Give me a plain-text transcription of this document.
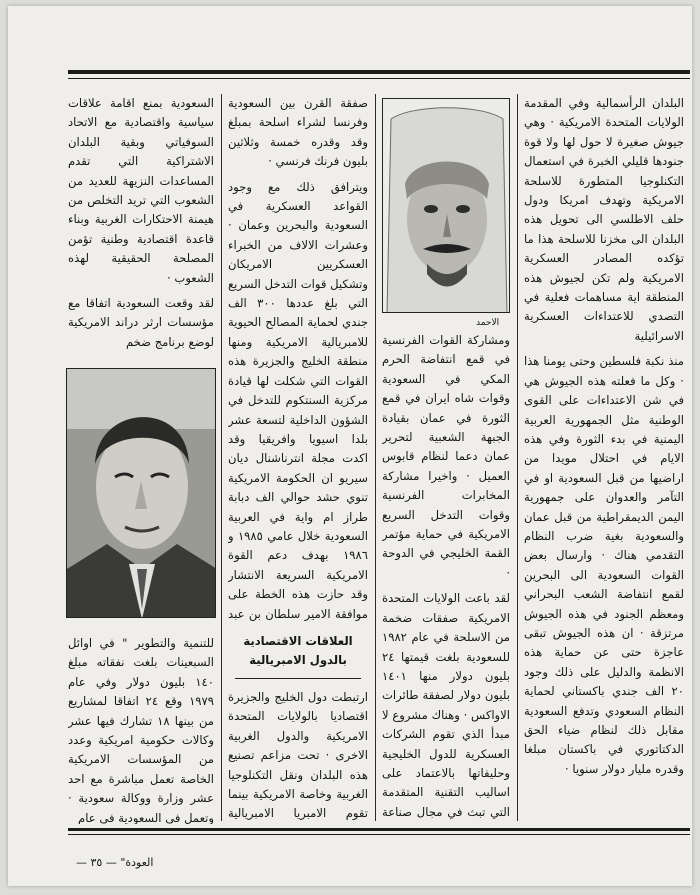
البلدان الرأسمالية وفي المقدمة الولايات المتحدة الامريكية · وهي جيوش صغيرة لا حول لها ولا قوة جنودها قليلي الخبرة في استعمال التكنلوجيا المتطورة للاسلحة الامريكية وتهدف امريكا ودول حلف الاطلسي الى تحويل هذه البلدان الى مخزنا للاسلحة هذا ما تؤكده المصادر العسكرية الامريكية ولم تكن لجيوش هذه المنطقة اية مساهمات فعلية في التصدي للاعتداءات العسكرية الاسرائيلية

منذ نكبة فلسطين وحتى يومنا هذا · وكل ما فعلته هذه الجيوش هي في شن الاعتداءات على القوى الوطنية مثل الجمهورية العربية اليمنية في بدء الثورة وفي هذه الايام في احتلال مويدا من اراضيها من قبل السعودية او في التآمر والعدوان على جمهورية اليمن الديمقراطية من قبل عمان والسعودية بغية ضرب النظام التقدمي هناك · وارسال بعض القوات السعودية الى البحرين لقمع انتفاضة الشعب البحراني ومعظم الجنود في هذه الجيوش مرتزقة · ان هذه الجيوش تبقى عاجزة حتى عن حماية هذه الانظمة والدليل على ذلك وجود ٢٠ الف جندي باكستاني لحماية النظام السعودي وتدفع السعودية مقابل ذلك لنظام ضياء الحق الدكتاتوري في باكستان مبلغا وقدره مليار دولار سنويا ·

الاحمد

ومشاركة القوات الفرنسية في قمع انتفاضة الحرم المكي في السعودية وقوات شاه ايران في قمع الثورة في عمان بقيادة الجبهة الشعبية لتحرير عمان دعما لنظام قابوس العميل · واخيرا مشاركة المخابرات الفرنسية وقوات التدخل السريع الامريكية في حماية مؤتمر القمة الخليجي في الدوحة ·

لقد باعت الولايات المتحدة الامريكية صفقات ضخمة من الاسلحة في عام ١٩٨٢ للسعودية بلغت قيمتها ٢٤ بليون دولار منها ١٤٠١ بليون دولار لصفقة طائرات الاواكس · وهناك مشروع لا مبدأ الذي تقوم الشركات العسكرية للدول الخليجية وحليفاتها بالاعتماد على اساليب التقنية المتقدمة التي تبث في مجال صناعة

صفقة القرن بين السعودية وفرنسا لشراء اسلحة بمبلغ وقد وقدره خمسة وثلاثين بليون فرنك فرنسي ·

ويترافق ذلك مع وجود القواعد العسكرية في السعودية والبحرين وعمان · وعشرات الالاف من الخبراء العسكريين الامريكان وتشكيل قوات التدخل السريع التي بلغ عددها ٣٠٠ الف جندي لحماية المصالح الحيوية للامبريالية الامريكية ومنها منطقة الخليج والجزيرة هذه القوات التي شكلت لها قيادة مركزية السنتكوم للتدخل في الشؤون الداخلية لتسعة عشر بلدا اسيويا وافريقيا وقد اكدت مجلة انترناشنال ديان سيريو ان الحكومة الامريكية تنوي حشد حوالي الف دبابة طراز ام واية في العربية السعودية خلال عامي ١٩٨٥ و ١٩٨٦ بهدف دعم القوة الامريكية السريعة الانتشار وقد حازت هذه الخطة على موافقة الامير سلطان بن عبد

العلاقات الاقتصادية بالدول الامبريالية

ارتبطت دول الخليج والجزيرة اقتصاديا بالولايات المتحدة الامريكية والدول الغربية الاخرى · تحت مزاعم تصنيع هذه البلدان ونقل التكنلوجيا الغربية وخاصة الامريكية بينما تقوم الامبريا الامبريالية

السعودية بمنع اقامة علاقات سياسية واقتصادية مع الاتحاد السوفياتي وبقية البلدان الاشتراكية التي تقدم المساعدات النزيهة للعديد من الشعوب التي تريد التخلص من هيمنة الاحتكارات الغربية وبناء قاعدة اقتصادية وطنية تؤمن المصلحة الحقيقية لهذه الشعوب ·

لقد وقعت السعودية اتفاقا مع مؤسسات ارثر دراند الامريكية لوضع برنامج ضخم

للتنمية والتطوير " في اوائل السبعينات بلغت نفقاته مبلغ ١٤٠ بليون دولار وفي عام ١٩٧٩ وقع ٢٤ اتفاقا لمشاريع من بينها ١٨ تشارك فيها عشر وكالات حكومية امريكية وعدد من المؤسسات الامريكية الخاصة تعمل مباشرة مع احد عشر وزارة ووكالة سعودية · وتعمل في السعودية في عام

العودة" — ٣٥ —
